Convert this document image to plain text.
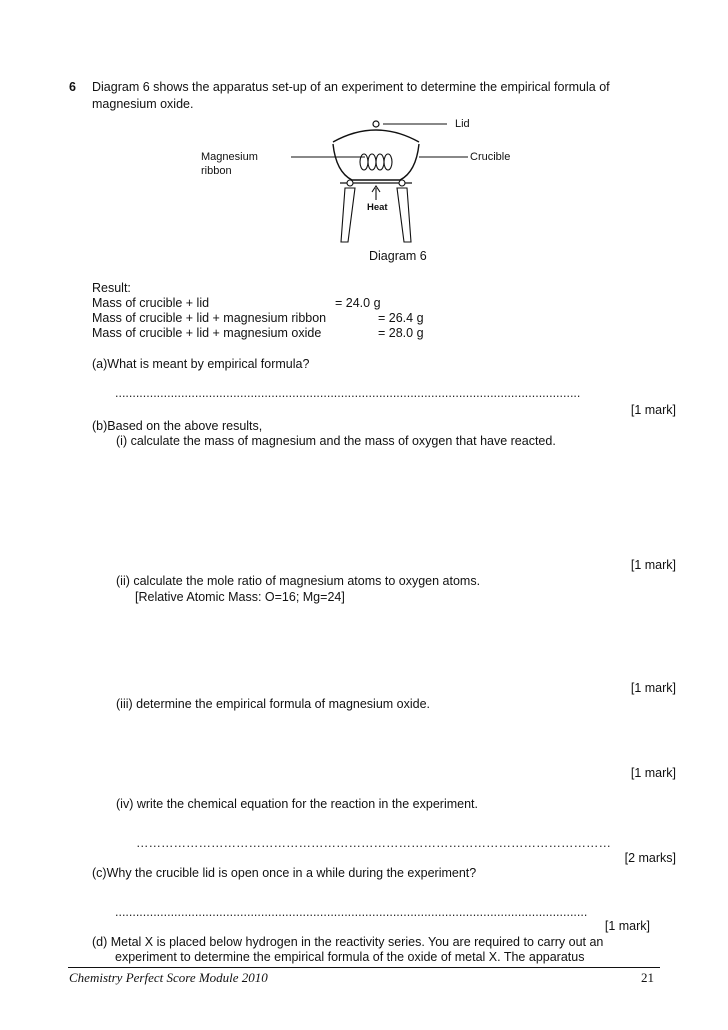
6 Diagram 6 shows the apparatus set-up of an experiment to determine the empirical formula of
magnesium oxide.
Heat
Lid
Magnesium
ribbon
Crucible
Diagram 6
Result:
Mass of crucible + lid	= 24.0 g
Mass of crucible + lid + magnesium ribbon	= 26.4 g
Mass of crucible + lid + magnesium oxide	= 28.0 g
(a)What is meant by empirical formula?
......................................................................................................................................
[1 mark]
(b)Based on the above results,
(i) calculate the mass of magnesium and the mass of oxygen that have reacted.
[1 mark]
(ii) calculate the mole ratio of magnesium atoms to oxygen atoms.
[Relative Atomic Mass: O=16; Mg=24]
[1 mark]
(iii) determine the empirical formula of magnesium oxide.
[1 mark]
(iv) write the chemical equation for the reaction in the experiment.
……………………………………………………………………………………………………
[2 marks]
(c)Why the crucible lid is open once in a while during the experiment?
........................................................................................................................................
[1 mark]
(d) Metal X is placed below hydrogen in the reactivity series. You are required to carry out an
experiment to determine the empirical formula of the oxide of metal X. The apparatus
Chemistry Perfect Score Module 2010	21
